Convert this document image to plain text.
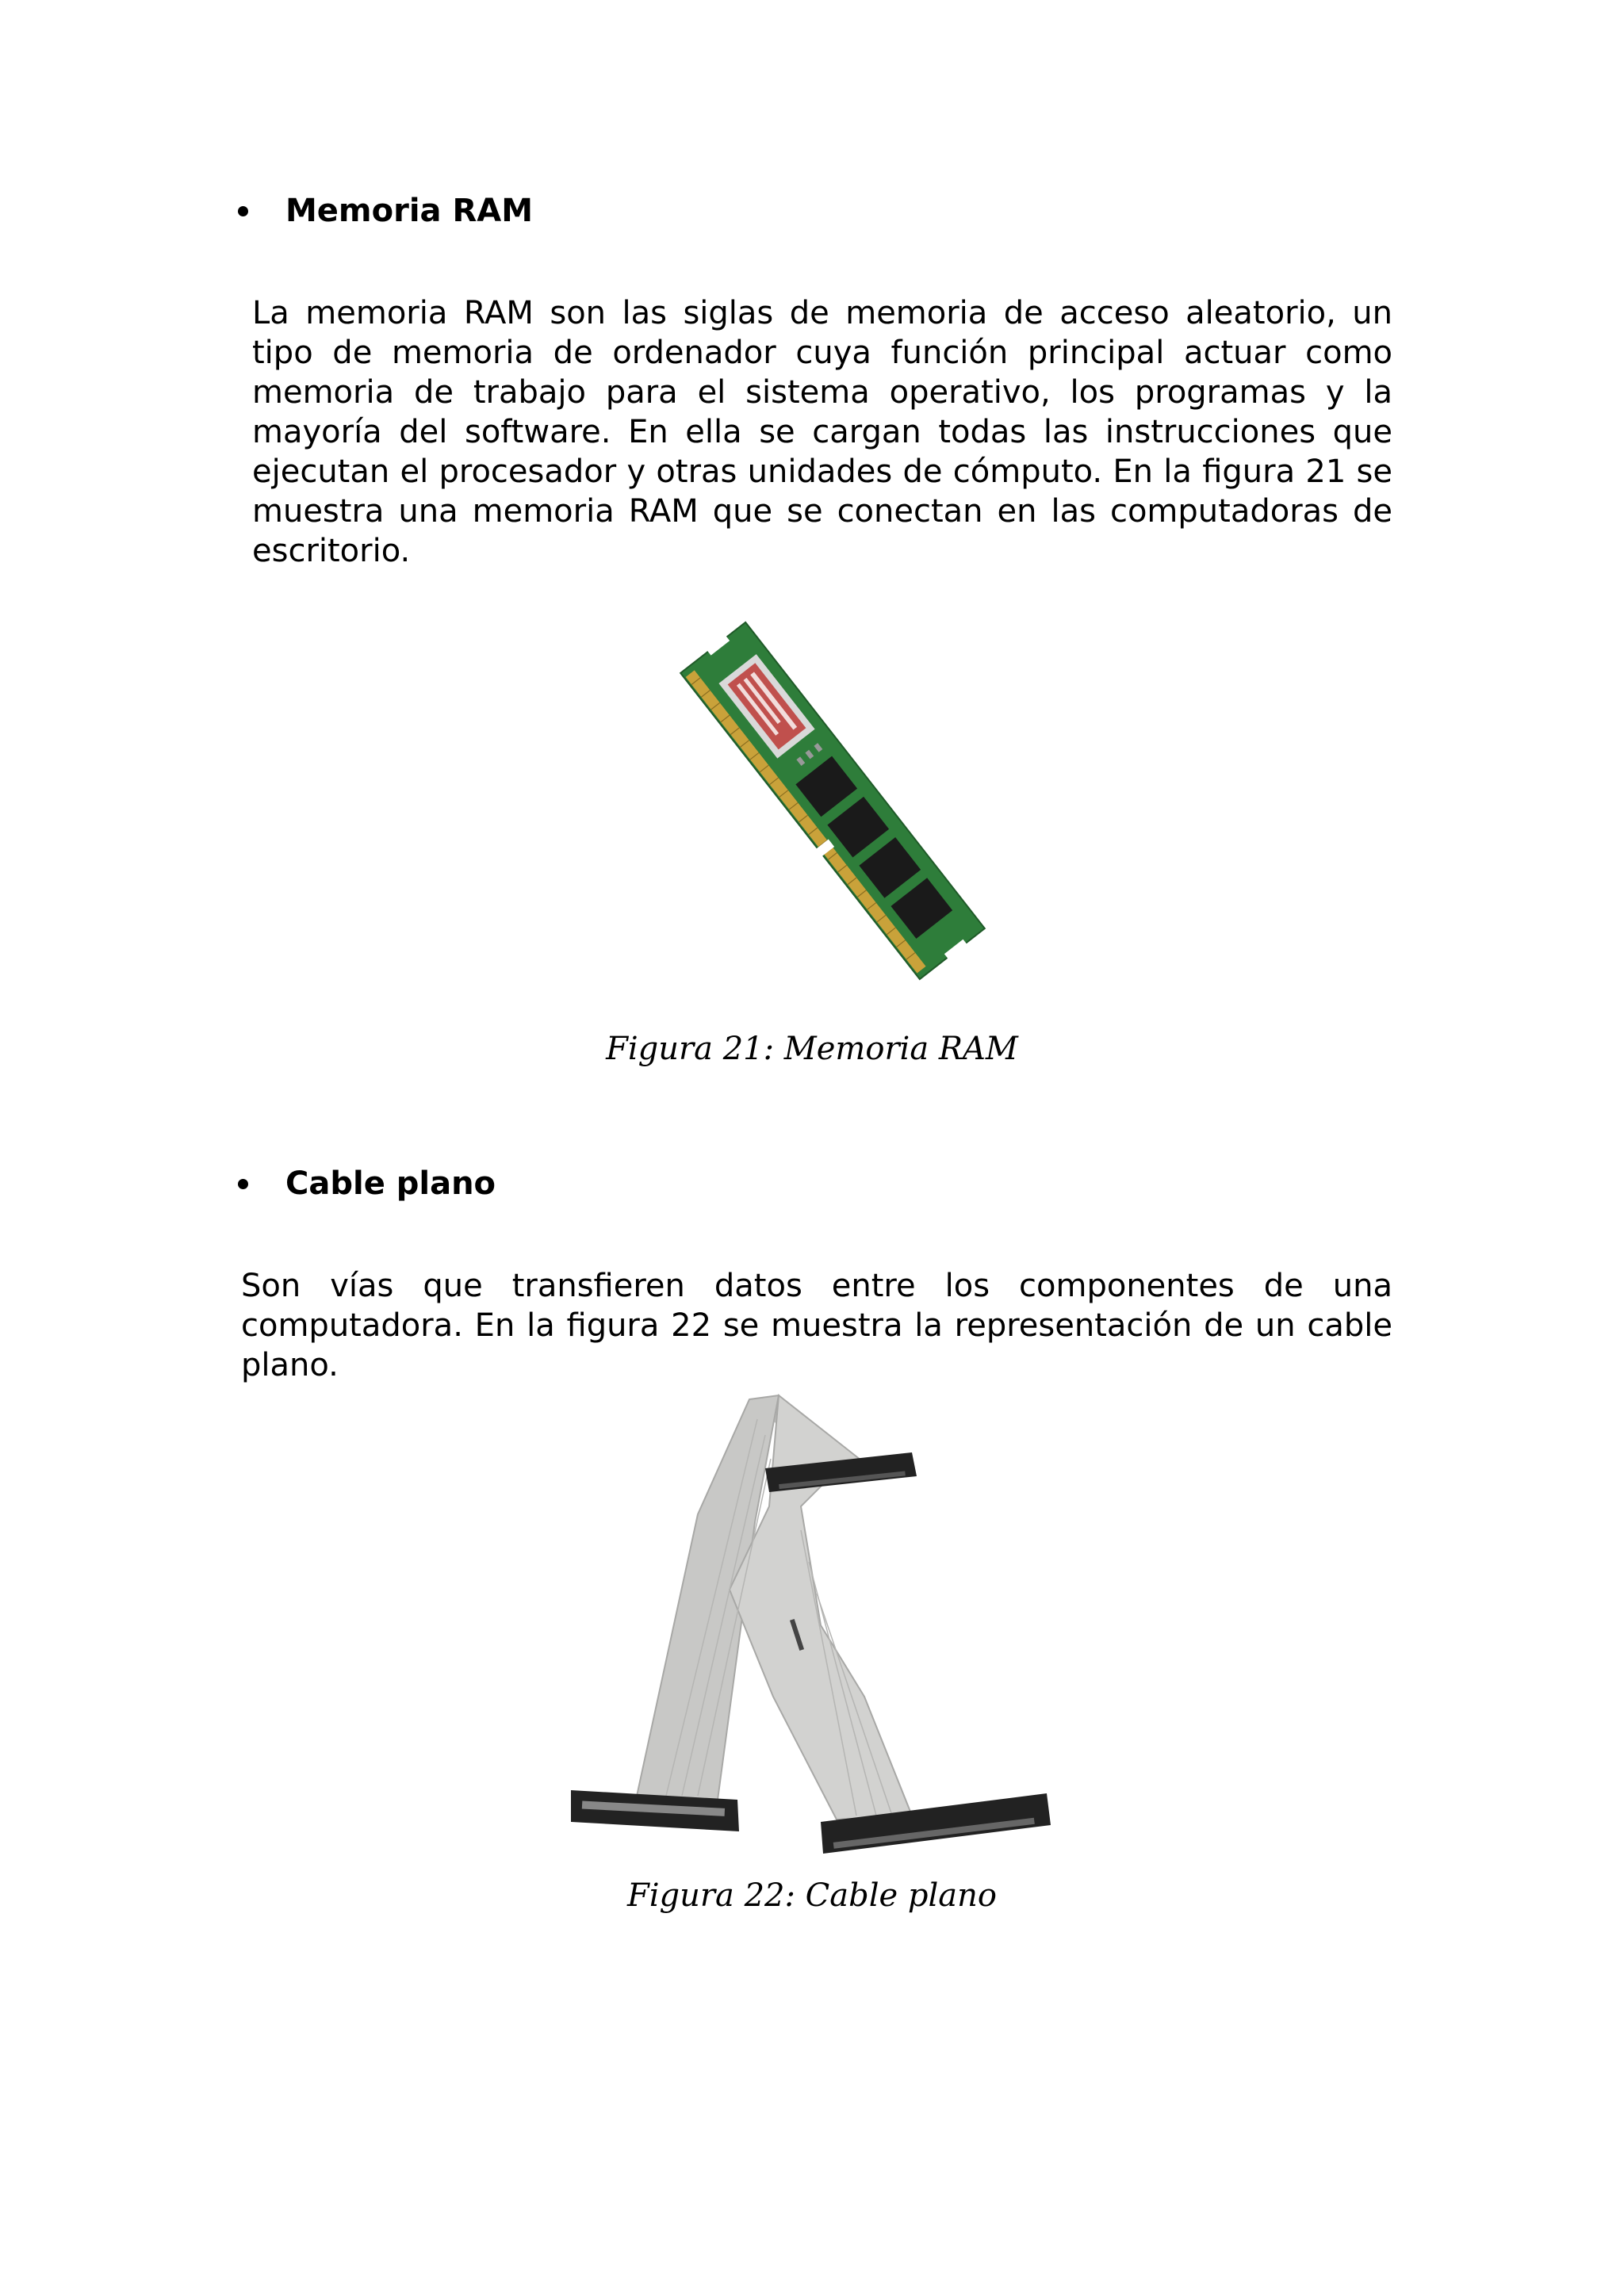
Memoria RAM

La memoria RAM son las siglas de memoria de acceso aleatorio, un tipo de memoria de ordenador cuya función principal actuar como memoria de trabajo para el sistema operativo, los programas y la mayoría del software. En ella se cargan todas las instrucciones que ejecutan el procesador y otras unidades de cómputo. En la figura 21 se muestra una memoria RAM que se conectan en las computadoras de escritorio.

Figura 21: Memoria RAM

Cable plano

Son vías que transfieren datos entre los componentes de una computadora. En la figura 22 se muestra la representación de un cable plano.

Figura 22: Cable plano
